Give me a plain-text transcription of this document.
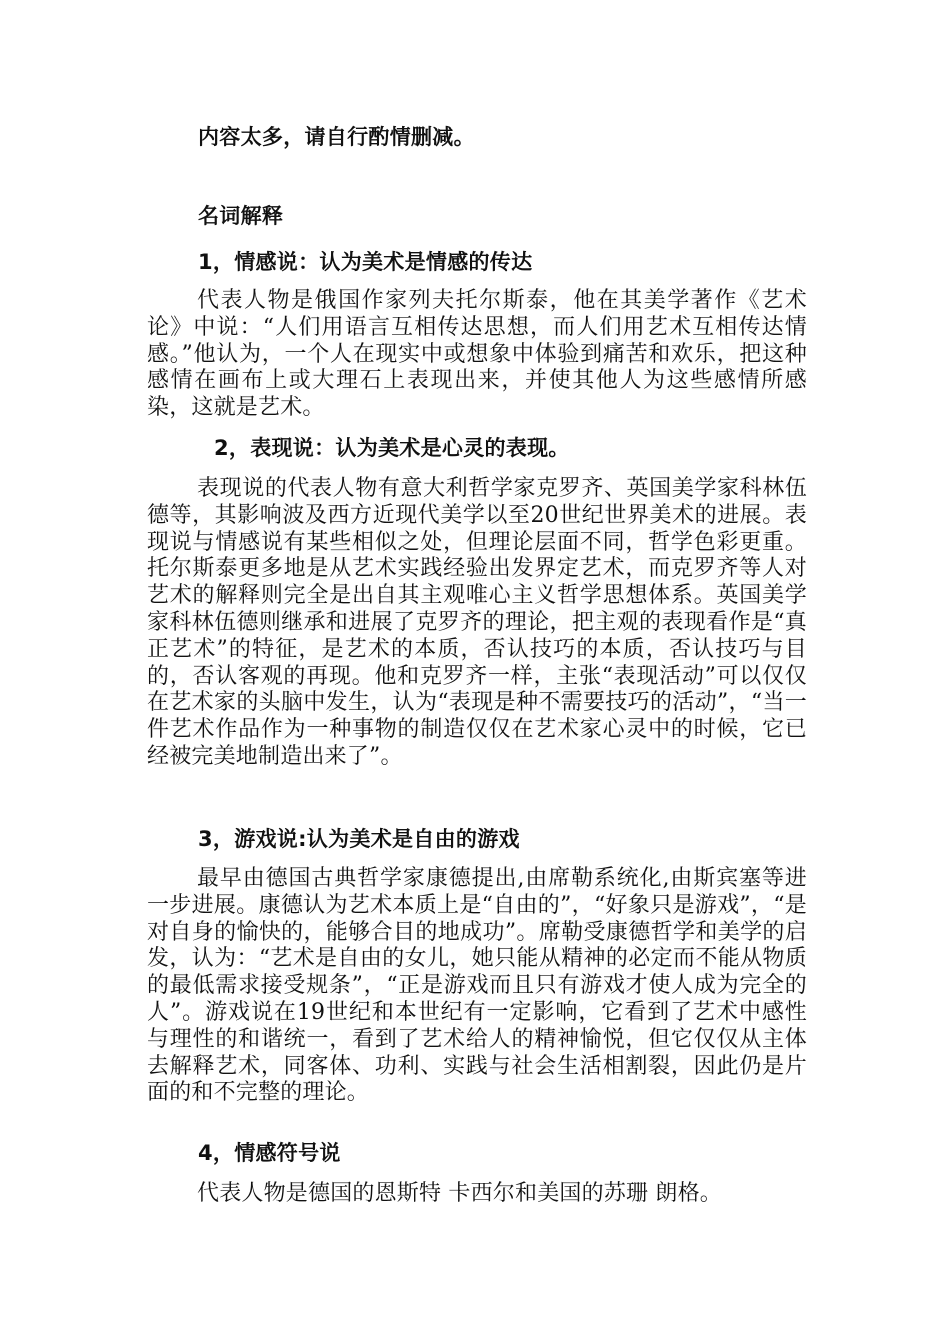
内容太多，请自行酌情删减。
名词解释
1，情感说：认为美术是情感的传达

代表人物是俄国作家列夫托尔斯泰，他在其美学著作《艺术论》中说：“人们用语言互相传达思想，而人们用艺术互相传达情感。”他认为，一个人在现实中或想象中体验到痛苦和欢乐，把这种感情在画布上或大理石上表现出来，并使其他人为这些感情所感染，这就是艺术。

2，表现说：认为美术是心灵的表现。

表现说的代表人物有意大利哲学家克罗齐、英国美学家科林伍德等，其影响波及西方近现代美学以至20世纪世界美术的进展。表现说与情感说有某些相似之处，但理论层面不同，哲学色彩更重。托尔斯泰更多地是从艺术实践经验出发界定艺术，而克罗齐等人对艺术的解释则完全是出自其主观唯心主义哲学思想体系。英国美学家科林伍德则继承和进展了克罗齐的理论，把主观的表现看作是“真正艺术”的特征，是艺术的本质，否认技巧的本质，否认技巧与目的，否认客观的再现。他和克罗齐一样，主张“表现活动”可以仅仅在艺术家的头脑中发生，认为“表现是种不需要技巧的活动”，“当一件艺术作品作为一种事物的制造仅仅在艺术家心灵中的时候，它已经被完美地制造出来了”。

3，游戏说:认为美术是自由的游戏

最早由德国古典哲学家康德提出,由席勒系统化,由斯宾塞等进一步进展。康德认为艺术本质上是“自由的”，“好象只是游戏”，“是对自身的愉快的，能够合目的地成功”。席勒受康德哲学和美学的启发，认为：“艺术是自由的女儿，她只能从精神的必定而不能从物质的最低需求接受规条”，“正是游戏而且只有游戏才使人成为完全的人”。游戏说在19世纪和本世纪有一定影响，它看到了艺术中感性与理性的和谐统一，看到了艺术给人的精神愉悦，但它仅仅从主体去解释艺术，同客体、功利、实践与社会生活相割裂，因此仍是片面的和不完整的理论。

4，情感符号说

代表人物是德国的恩斯特 卡西尔和美国的苏珊 朗格。
